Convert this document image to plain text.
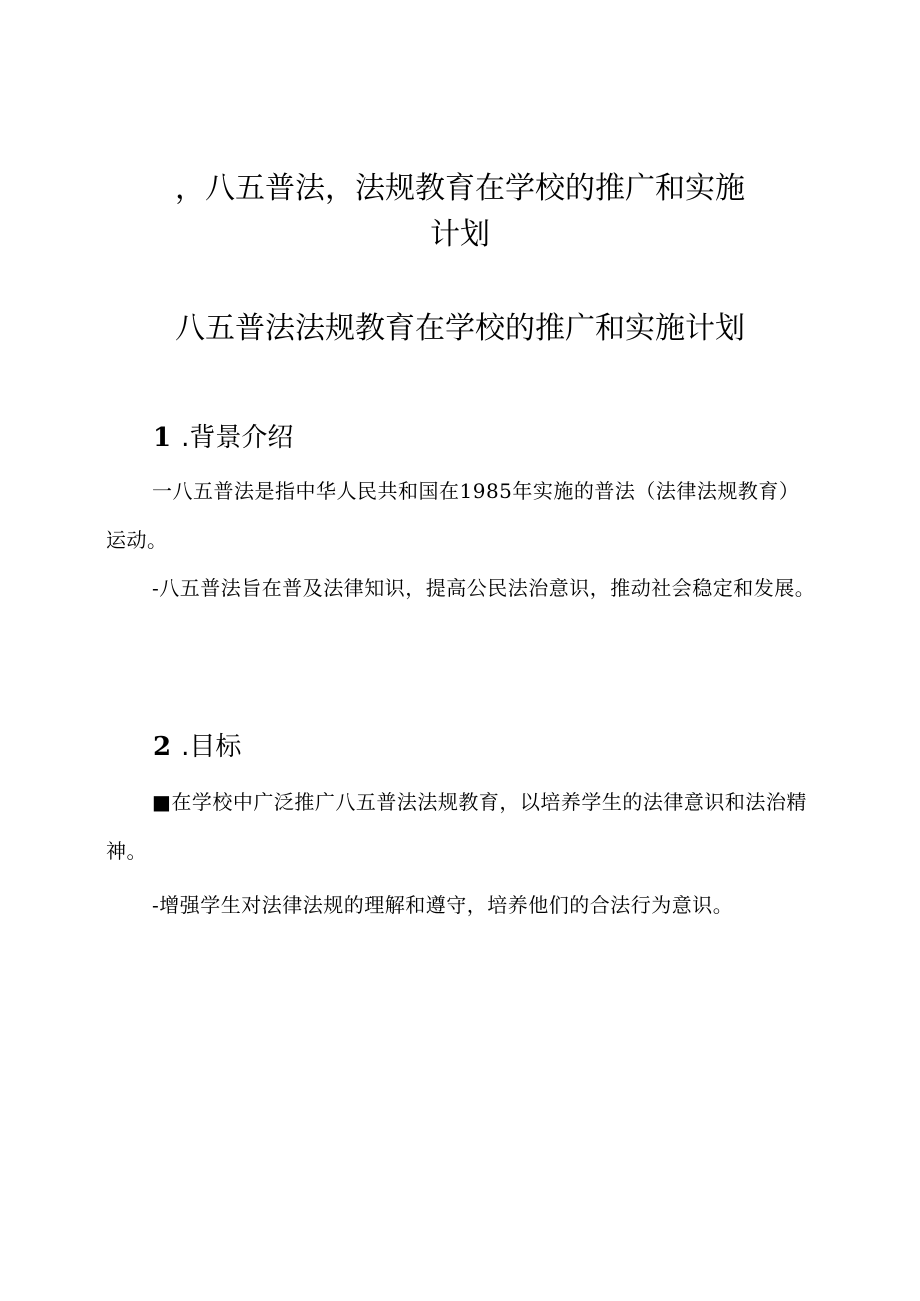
，八五普法，法规教育在学校的推广和实施
计划
八五普法法规教育在学校的推广和实施计划
1 .背景介绍

一八五普法是指中华人民共和国在1985年实施的普法（法律法规教育）运动。

-八五普法旨在普及法律知识，提高公民法治意识，推动社会稳定和发展。

2 .目标

■在学校中广泛推广八五普法法规教育，以培养学生的法律意识和法治精神。

-增强学生对法律法规的理解和遵守，培养他们的合法行为意识。
